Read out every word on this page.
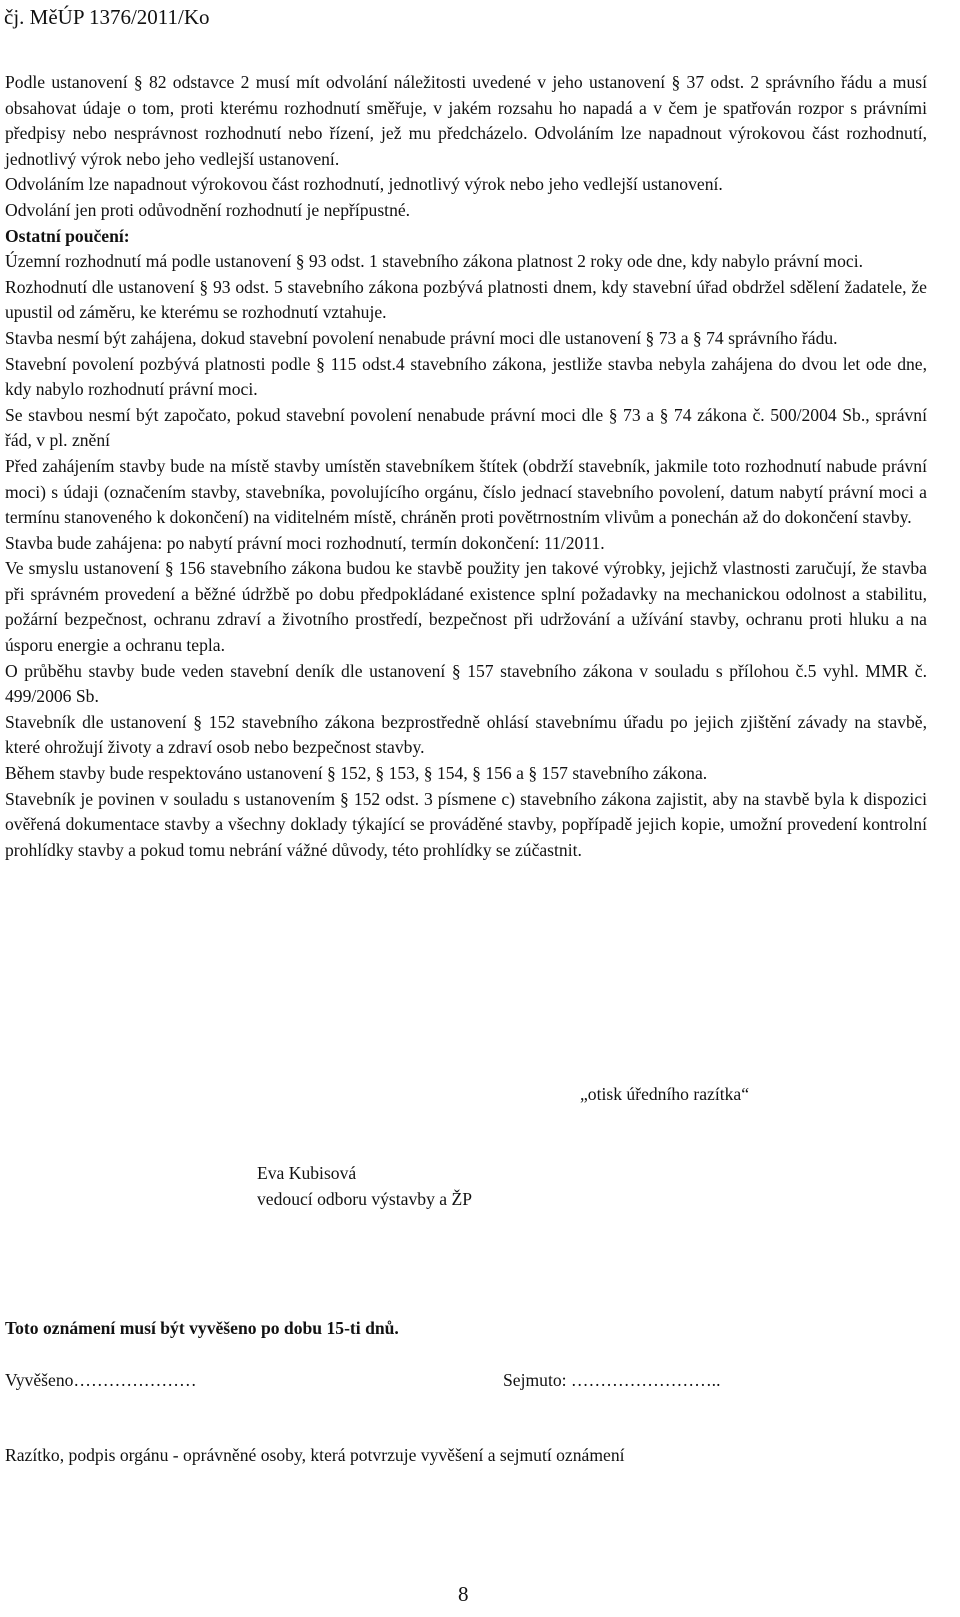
čj. MěÚP 1376/2011/Ko

Podle ustanovení § 82 odstavce 2 musí mít odvolání náležitosti uvedené v jeho ustanovení § 37 odst. 2 správního řádu a musí obsahovat údaje o tom, proti kterému rozhodnutí směřuje, v jakém rozsahu ho napadá a v čem je spatřován rozpor s právními předpisy nebo nesprávnost rozhodnutí nebo řízení, jež mu předcházelo. Odvoláním lze napadnout výrokovou část rozhodnutí, jednotlivý výrok nebo jeho vedlejší ustanovení.

Odvoláním lze napadnout výrokovou část rozhodnutí, jednotlivý výrok nebo jeho vedlejší ustanovení.

Odvolání jen proti odůvodnění rozhodnutí je nepřípustné.

Ostatní poučení:

Územní rozhodnutí má podle ustanovení § 93 odst. 1 stavebního zákona platnost 2 roky ode dne, kdy nabylo právní moci.

Rozhodnutí dle ustanovení § 93 odst. 5 stavebního zákona pozbývá platnosti dnem, kdy stavební úřad obdržel sdělení žadatele, že upustil od záměru, ke kterému se rozhodnutí vztahuje.

Stavba nesmí být zahájena, dokud stavební povolení nenabude právní moci dle ustanovení § 73 a § 74 správního řádu.

Stavební povolení pozbývá platnosti podle § 115 odst.4 stavebního zákona, jestliže stavba nebyla zahájena do dvou let ode dne, kdy nabylo rozhodnutí právní moci.

Se stavbou nesmí být započato, pokud stavební povolení nenabude právní moci dle § 73 a § 74 zákona č. 500/2004 Sb., správní řád, v pl. znění

Před zahájením stavby bude na místě stavby umístěn stavebníkem štítek (obdrží stavebník, jakmile toto rozhodnutí nabude právní moci) s údaji (označením stavby, stavebníka, povolujícího orgánu, číslo jednací stavebního povolení, datum nabytí právní moci a termínu stanoveného k dokončení) na viditelném místě, chráněn proti povětrnostním vlivům a ponechán až do dokončení stavby.

Stavba bude zahájena: po nabytí právní moci rozhodnutí, termín dokončení: 11/2011.

Ve smyslu ustanovení § 156 stavebního zákona budou ke stavbě použity jen takové výrobky, jejichž vlastnosti zaručují, že stavba při správném provedení a běžné údržbě po dobu předpokládané existence splní požadavky na mechanickou odolnost a stabilitu, požární bezpečnost, ochranu zdraví a životního prostředí, bezpečnost při udržování a užívání stavby, ochranu proti hluku a na úsporu energie a ochranu tepla.

O průběhu stavby bude veden stavební deník dle ustanovení § 157 stavebního zákona v souladu s přílohou č.5 vyhl. MMR č. 499/2006 Sb.

Stavebník dle ustanovení § 152 stavebního zákona bezprostředně ohlásí stavebnímu úřadu po jejich zjištění závady na stavbě, které ohrožují životy a zdraví osob nebo bezpečnost stavby.

Během stavby bude respektováno ustanovení § 152, § 153, § 154, § 156 a § 157 stavebního zákona.

Stavebník je povinen v souladu s ustanovením § 152 odst. 3 písmene c) stavebního zákona zajistit, aby na stavbě byla k dispozici ověřená dokumentace stavby a všechny doklady týkající se prováděné stavby, popřípadě jejich kopie, umožní provedení kontrolní prohlídky stavby a pokud tomu nebrání vážné důvody, této prohlídky se zúčastnit.

„otisk úředního razítka“
Eva Kubisová
vedoucí odboru výstavby a ŽP
Toto oznámení musí být vyvěšeno po dobu 15-ti dnů.
Vyvěšeno…………………	Sejmuto: ……………………..
Razítko, podpis orgánu - oprávněné osoby, která potvrzuje vyvěšení a sejmutí oznámení
8
